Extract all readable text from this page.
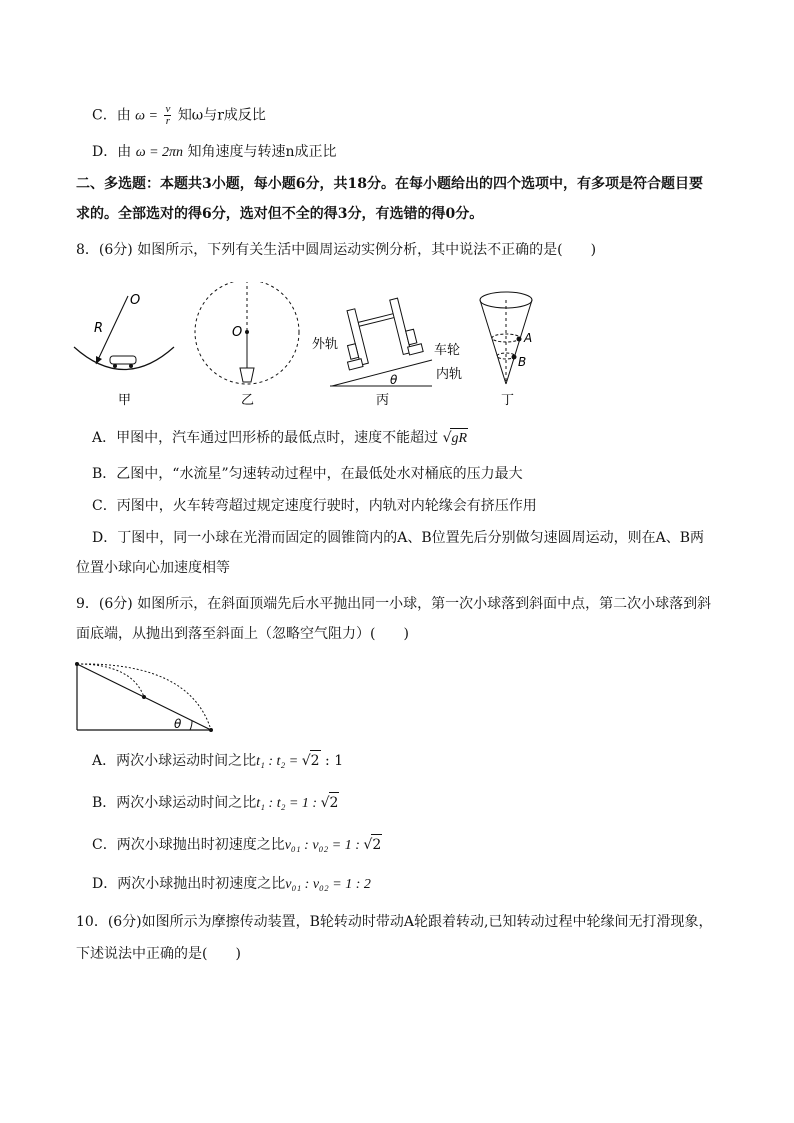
C．由 $\omega = \frac{v}{r}$ 知ω与r成反比
D．由 ω = 2πn 知角速度与转速n成正比
二、多选题：本题共3小题，每小题6分，共18分。在每小题给出的四个选项中，有多项是符合题目要
求的。全部选对的得6分，选对但不全的得3分，有选错的得0分。
8．(6分) 如图所示，下列有关生活中圆周运动实例分析，其中说法不正确的是(　　)
O
R
甲
O
乙
外轨	车轮
内轨
θ
丙
A
B
丁
A．甲图中，汽车通过凹形桥的最低点时，速度不能超过 √gR
B．乙图中，“水流星”匀速转动过程中，在最低处水对桶底的压力最大
C．丙图中，火车转弯超过规定速度行驶时，内轨对内轮缘会有挤压作用
D．丁图中，同一小球在光滑而固定的圆锥筒内的A、B位置先后分别做匀速圆周运动，则在A、B两
位置小球向心加速度相等
9．(6分) 如图所示，在斜面顶端先后水平抛出同一小球，第一次小球落到斜面中点，第二次小球落到斜
面底端，从抛出到落至斜面上（忽略空气阻力）(　　)
θ
A．两次小球运动时间之比t₁ : t₂ = √2 : 1
B．两次小球运动时间之比t₁ : t₂ = 1 : √2
C．两次小球抛出时初速度之比v₀₁ : v₀₂ = 1 : √2
D．两次小球抛出时初速度之比v₀₁ : v₀₂ = 1 : 2
10．(6分)如图所示为摩擦传动装置，B轮转动时带动A轮跟着转动,已知转动过程中轮缘间无打滑现象，
下述说法中正确的是(　　)
